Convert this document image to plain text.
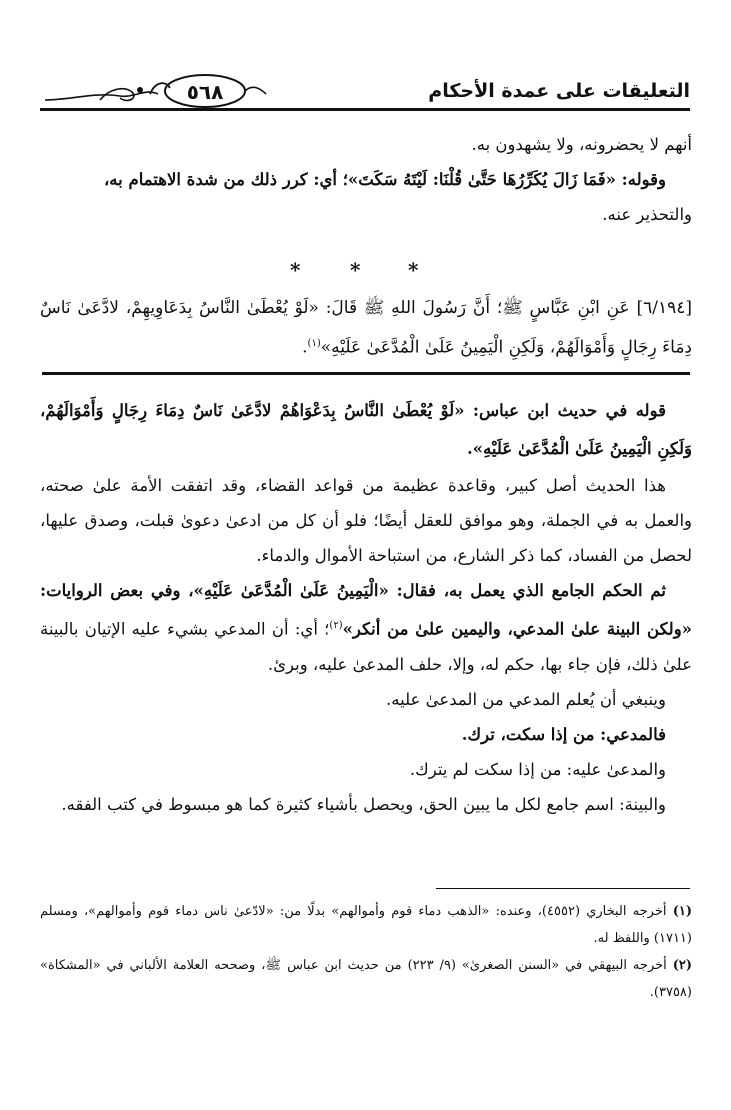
٥٦٨	التعليقات على عمدة الأحكام

أنهم لا يحضرونه، ولا يشهدون به.

وقوله: «فَمَا زَالَ يُكَرِّرُهَا حَتَّىٰ قُلْنَا: لَيْتَهُ سَكَتَ»؛ أي: كرر ذلك من شدة الاهتمام به،

والتحذير عنه.

*
*
*

[٦/١٩٤] عَنِ ابْنِ عَبَّاسٍ ﷺ؛ أَنَّ رَسُولَ اللهِ ﷺ قَالَ: «لَوْ يُعْطَىٰ النَّاسُ بِدَعَاوِيهِمْ، لادَّعَىٰ نَاسٌ دِمَاءَ رِجَالٍ وَأَمْوَالَهُمْ، وَلَكِنِ الْيَمِينُ عَلَىٰ الْمُدَّعَىٰ عَلَيْهِ»$^{(١)}$.

قوله في حديث ابن عباس: «لَوْ يُعْطَىٰ النَّاسُ بِدَعْوَاهُمْ لادَّعَىٰ نَاسٌ دِمَاءَ رِجَالٍ وَأَمْوَالَهُمْ، وَلَكِنِ الْيَمِينُ عَلَىٰ الْمُدَّعَىٰ عَلَيْهِ».

هذا الحديث أصل كبير، وقاعدة عظيمة من قواعد القضاء، وقد اتفقت الأمة علىٰ صحته، والعمل به في الجملة، وهو موافق للعقل أيضًا؛ فلو أن كل من ادعىٰ دعوىٰ قبلت، وصدق عليها، لحصل من الفساد، كما ذكر الشارع، من استباحة الأموال والدماء.

ثم الحكم الجامع الذي يعمل به، فقال: «الْيَمِينُ عَلَىٰ الْمُدَّعَىٰ عَلَيْهِ»، وفي بعض الروايات: «ولكن البينة علىٰ المدعي، واليمين علىٰ من أنكر»$^{(٢)}$؛ أي: أن المدعي بشيء عليه الإتيان بالبينة علىٰ ذلك، فإن جاء بها، حكم له، وإلا، حلف المدعىٰ عليه، وبرئ.

وينبغي أن يُعلم المدعي من المدعىٰ عليه.

فالمدعي: من إذا سكت، ترك.

والمدعىٰ عليه: من إذا سكت لم يترك.

والبينة: اسم جامع لكل ما يبين الحق، ويحصل بأشياء كثيرة كما هو مبسوط في كتب الفقه.

(١) أخرجه البخاري (٤٥٥٢)، وعنده: «الذهب دماء قوم وأموالهم» بدلًا من: «لادّعىٰ ناس دماء قوم وأموالهم»، ومسلم (١٧١١) واللفظ له.

(٢) أخرجه البيهقي في «السنن الصغرىٰ» (٩/ ٢٢٣) من حديث ابن عباس ﷺ، وصححه العلامة الألباني في «المشكاة» (٣٧٥٨).
